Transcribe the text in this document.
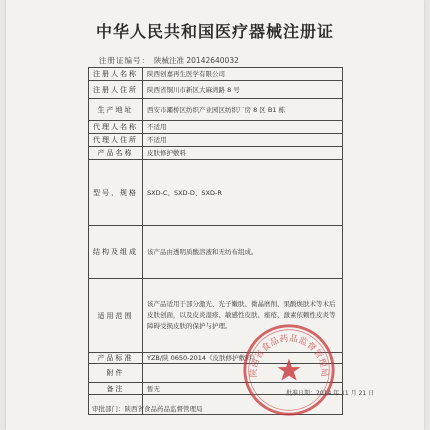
中华人民共和国医疗器械注册证
注册证编号： 陕械注准 20142640032
注册人名称	陕西创嘉再生医学有限公司
注册人住所	陕西省铜川市新区大麻湾路 8 号
生产地址	西安市灞桥区纺织产业园区纺织厂房 8 区 B1 栋
代理人名称	不适用
代理人住所	不适用
产品名称	皮肤修护敷料
型号、规格	SXD-C、SXD-D、SXD-R
结构及组成	该产品由透明质酸溶液和无纺布组成。
适用范围	该产品适用于部分激光、光子嫩肤、微晶磨削、果酸焕肤术等术后皮肤创面，以及皮炎湿疹、敏感性皮肤、痤疮、激素依赖性皮炎等障碍受损皮肤的保护与护理。
产品标准	YZB/陕 0650-2014《皮肤修护敷料》
附件	
备注	暂无

陕西省食品药品监督管理局
批准日期：2014 年 11 月 21 日
审批部门：陕西省食品药品监督管理局
